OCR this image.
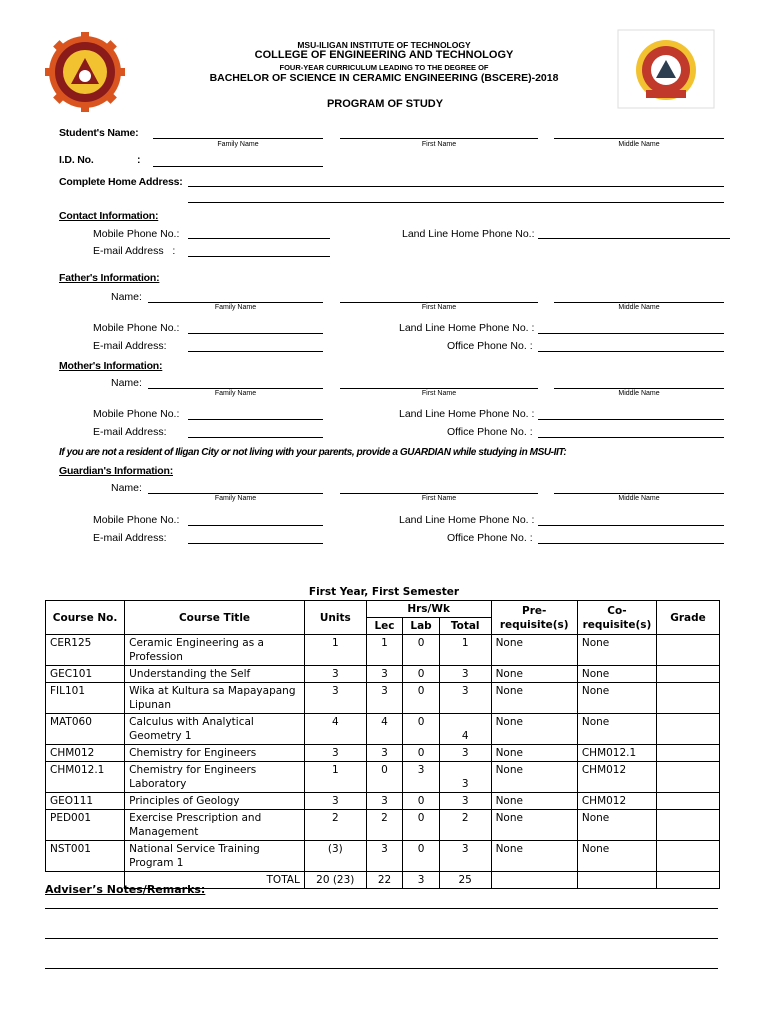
MSU-ILIGAN INSTITUTE OF TECHNOLOGY
COLLEGE OF ENGINEERING AND TECHNOLOGY
FOUR-YEAR CURRICULUM LEADING TO THE DEGREE OF
BACHELOR OF SCIENCE IN CERAMIC ENGINEERING (BSCERE)-2018
PROGRAM OF STUDY
Student's Name:
Family Name	First Name	Middle Name
I.D. No.	:
Complete Home Address:
Contact Information:
Mobile Phone No.:	Land Line Home Phone No.:
E-mail Address   :
Father's Information:
Name:
Family Name	First Name	Middle Name
Mobile Phone No.:	Land Line Home Phone No. :
E-mail Address:	Office Phone No. :
Mother's Information:
Name:
Family Name	First Name	Middle Name
Mobile Phone No.:	Land Line Home Phone No. :
E-mail Address:	Office Phone No. :
If you are not a resident of Iligan City or not living with your parents, provide a GUARDIAN while studying in MSU-IIT:
Guardian's Information:
Name:
Family Name	First Name	Middle Name
Mobile Phone No.:	Land Line Home Phone No. :
E-mail Address:	Office Phone No. :
First Year, First Semester
Course No.	Course Title	Units	Hrs/Wk			Pre-requisite(s)	Co-requisite(s)	Grade
			Lec	Lab	Total			
CER125	Ceramic Engineering as a Profession	1	1	0	1	None	None	
GEC101	Understanding the Self	3	3	0	3	None	None	
FIL101	Wika at Kultura sa Mapayapang Lipunan	3	3	0	3	None	None	
MAT060	Calculus with Analytical Geometry 1	4	4	0	4	None	None	
CHM012	Chemistry for Engineers	3	3	0	3	None	CHM012.1	
CHM012.1	Chemistry for Engineers Laboratory	1	0	3	3	None	CHM012	
GEO111	Principles of Geology	3	3	0	3	None	CHM012	
PED001	Exercise Prescription and Management	2	2	0	2	None	None	
NST001	National Service Training Program 1	(3)	3	0	3	None	None	
	TOTAL	20 (23)	22	3	25			
Adviser’s Notes/Remarks:
